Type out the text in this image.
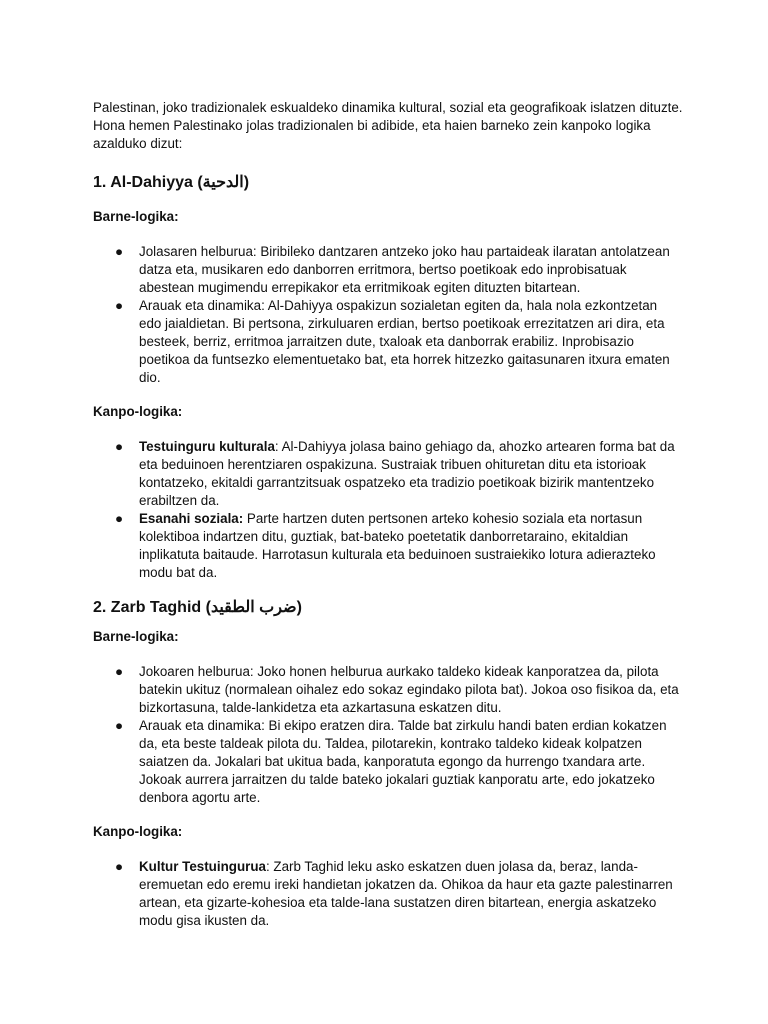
Palestinan, joko tradizionalek eskualdeko dinamika kultural, sozial eta geografikoak islatzen dituzte. Hona hemen Palestinako jolas tradizionalen bi adibide, eta haien barneko zein kanpoko logika azalduko dizut:

1. Al-Dahiyya (الدحية)

Barne-logika:

● Jolasaren helburua: Biribileko dantzaren antzeko joko hau partaideak ilaratan antolatzean datza eta, musikaren edo danborren erritmora, bertso poetikoak edo inprobisatuak abestean mugimendu errepikakor eta erritmikoak egiten dituzten bitartean.
● Arauak eta dinamika: Al-Dahiyya ospakizun sozialetan egiten da, hala nola ezkontzetan edo jaialdietan. Bi pertsona, zirkuluaren erdian, bertso poetikoak errezitatzen ari dira, eta besteek, berriz, erritmoa jarraitzen dute, txaloak eta danborrak erabiliz. Inprobisazio poetikoa da funtsezko elementuetako bat, eta horrek hitzezko gaitasunaren itxura ematen dio.

Kanpo-logika:

● Testuinguru kulturala: Al-Dahiyya jolasa baino gehiago da, ahozko artearen forma bat da eta beduinoen herentziaren ospakizuna. Sustraiak tribuen ohituretan ditu eta istorioak kontatzeko, ekitaldi garrantzitsuak ospatzeko eta tradizio poetikoak bizirik mantentzeko erabiltzen da.
● Esanahi soziala: Parte hartzen duten pertsonen arteko kohesio soziala eta nortasun kolektiboa indartzen ditu, guztiak, bat-bateko poetetatik danborretaraino, ekitaldian inplikatuta baitaude. Harrotasun kulturala eta beduinoen sustraiekiko lotura adierazteko modu bat da.
2. Zarb Taghid (ضرب الطقيد)

Barne-logika:

● Jokoaren helburua: Joko honen helburua aurkako taldeko kideak kanporatzea da, pilota batekin ukituz (normalean oihalez edo sokaz egindako pilota bat). Jokoa oso fisikoa da, eta bizkortasuna, talde-lankidetza eta azkartasuna eskatzen ditu.
● Arauak eta dinamika: Bi ekipo eratzen dira. Talde bat zirkulu handi baten erdian kokatzen da, eta beste taldeak pilota du. Taldea, pilotarekin, kontrako taldeko kideak kolpatzen saiatzen da. Jokalari bat ukitua bada, kanporatuta egongo da hurrengo txandara arte. Jokoak aurrera jarraitzen du talde bateko jokalari guztiak kanporatu arte, edo jokatzeko denbora agortu arte.

Kanpo-logika:

● Kultur Testuingurua: Zarb Taghid leku asko eskatzen duen jolasa da, beraz, landa-eremuetan edo eremu ireki handietan jokatzen da. Ohikoa da haur eta gazte palestinarren artean, eta gizarte-kohesioa eta talde-lana sustatzen diren bitartean, energia askatzeko modu gisa ikusten da.
